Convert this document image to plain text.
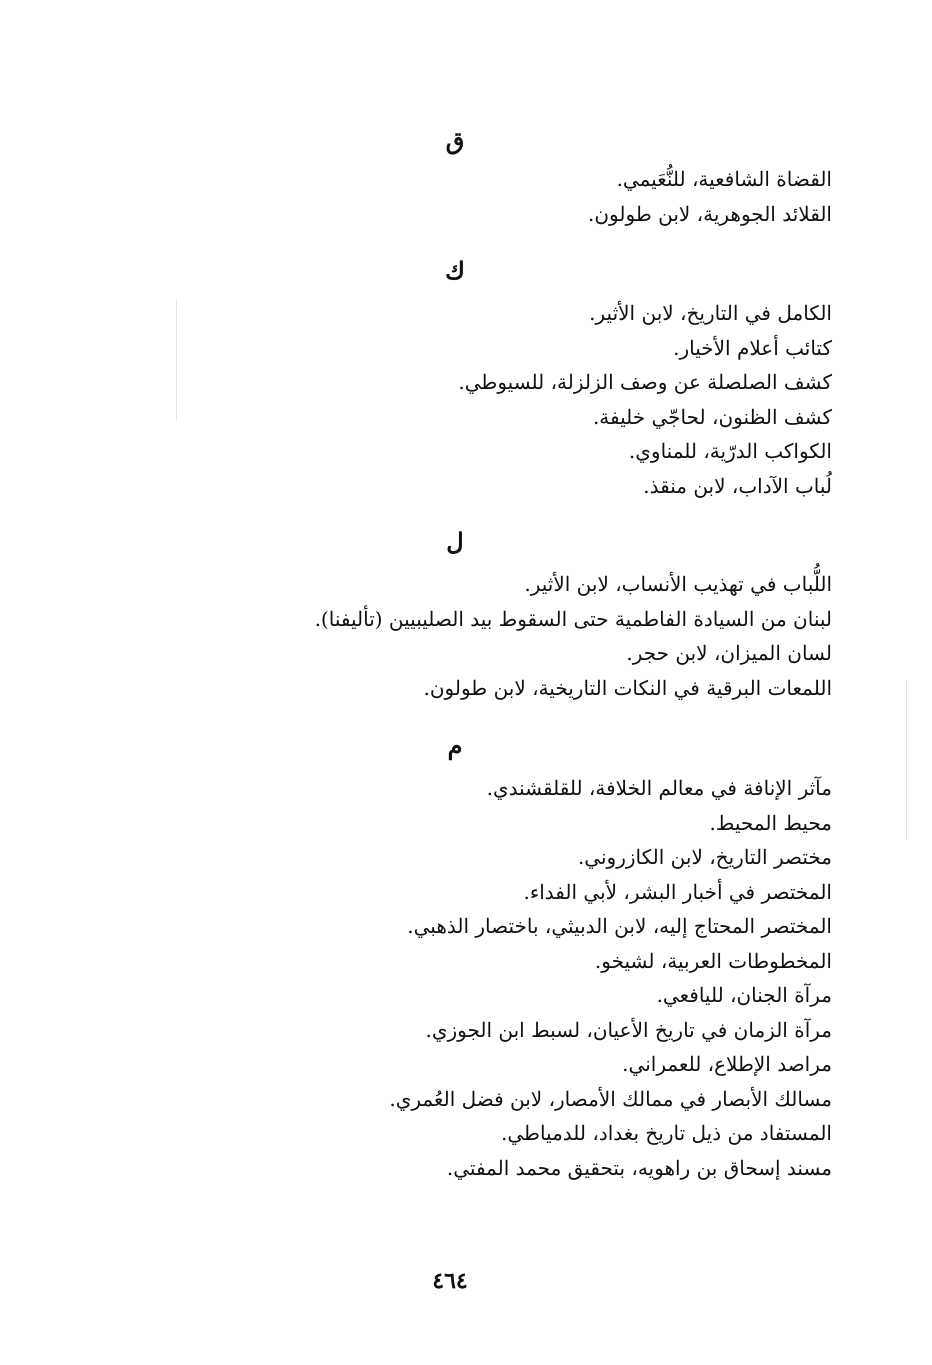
ق
القضاة الشافعية، للنُّعَيمي.
القلائد الجوهرية، لابن طولون.
ك
الكامل في التاريخ، لابن الأثير.
كتائب أعلام الأخيار.
كشف الصلصلة عن وصف الزلزلة، للسيوطي.
كشف الظنون، لحاجّي خليفة.
الكواكب الدرّية، للمناوي.
لُباب الآداب، لابن منقذ.
ل
اللُّباب في تهذيب الأنساب، لابن الأثير.
لبنان من السيادة الفاطمية حتى السقوط بيد الصليبيين (تأليفنا).
لسان الميزان، لابن حجر.
اللمعات البرقية في النكات التاريخية، لابن طولون.
م
مآثر الإنافة في معالم الخلافة، للقلقشندي.
محيط المحيط.
مختصر التاريخ، لابن الكازروني.
المختصر في أخبار البشر، لأبي الفداء.
المختصر المحتاج إليه، لابن الدبيثي، باختصار الذهبي.
المخطوطات العربية، لشيخو.
مرآة الجنان، لليافعي.
مرآة الزمان في تاريخ الأعيان، لسبط ابن الجوزي.
مراصد الإطلاع، للعمراني.
مسالك الأبصار في ممالك الأمصار، لابن فضل العُمري.
المستفاد من ذيل تاريخ بغداد، للدمياطي.
مسند إسحاق بن راهويه، بتحقيق محمد المفتي.
٤٦٤
